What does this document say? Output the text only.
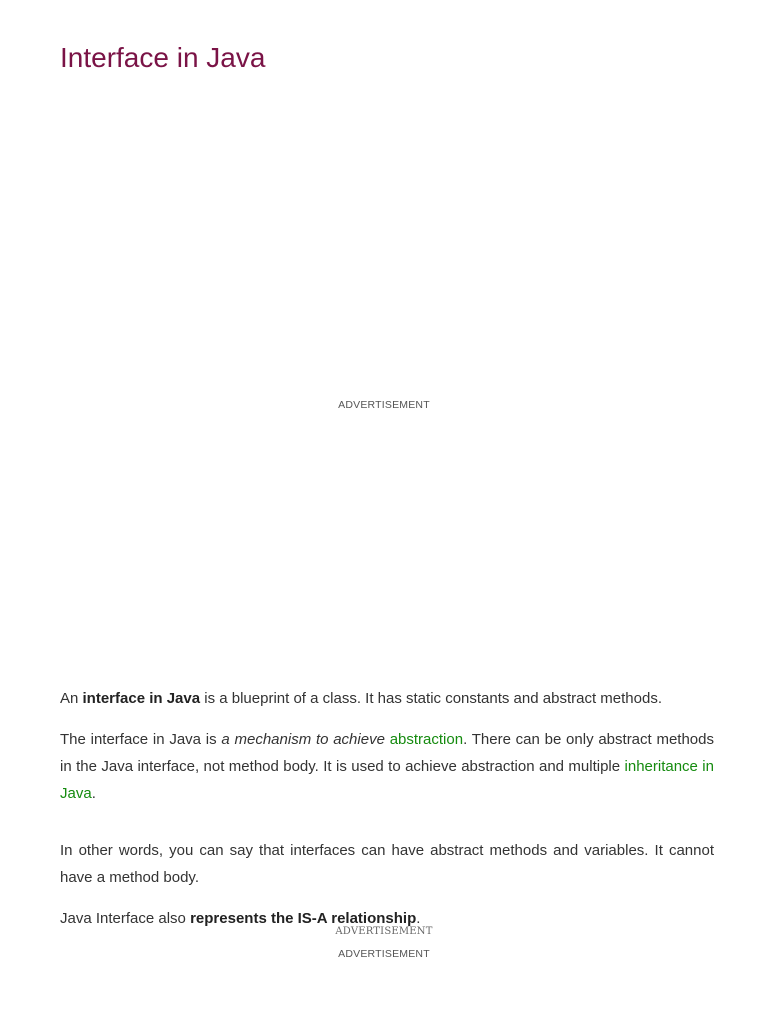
Interface in Java
ADVERTISEMENT

An interface in Java is a blueprint of a class. It has static constants and abstract methods.

The interface in Java is a mechanism to achieve abstraction. There can be only abstract methods in the Java interface, not method body. It is used to achieve abstraction and multiple inheritance in Java.

In other words, you can say that interfaces can have abstract methods and variables. It cannot have a method body.

Java Interface also represents the IS-A relationship.

ADVERTISEMENT
ADVERTISEMENT
